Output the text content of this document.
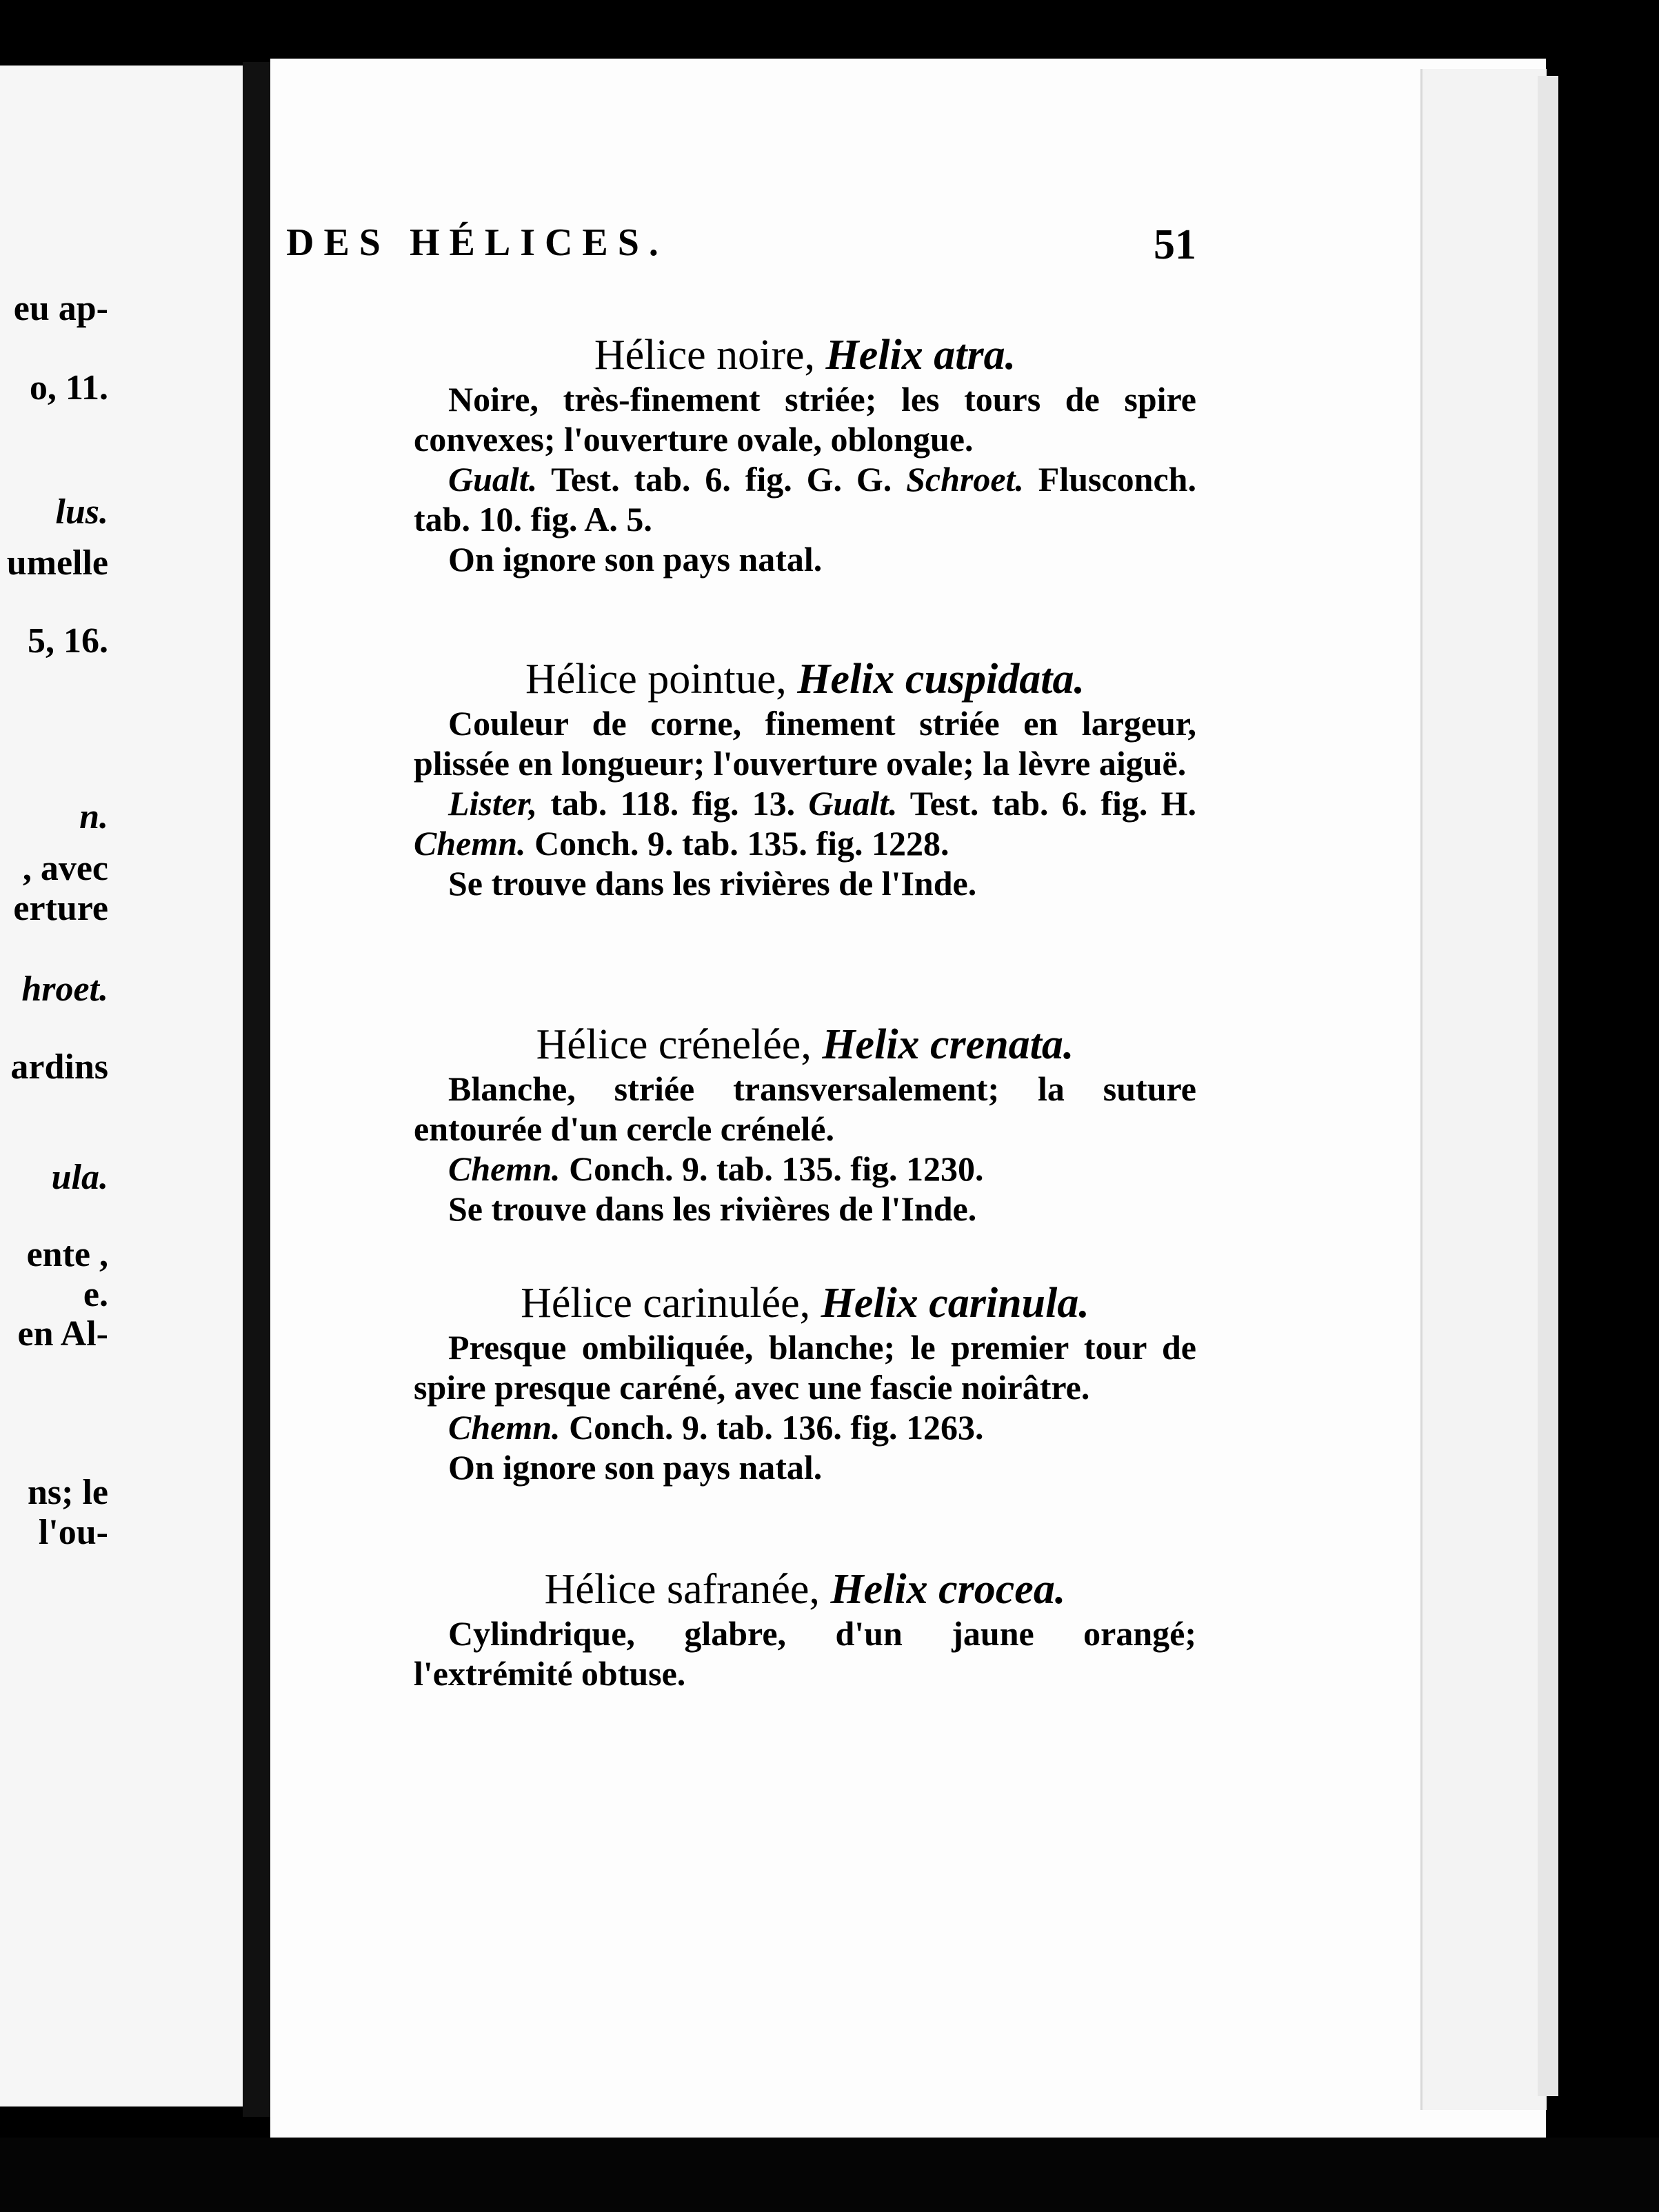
eu ap-
o, 11.
lus.
umelle
5, 16.
n.
, avec
erture
hroet.
ardins
ula.
ente ,
e.
en Al-
ns; le
l'ou-
DES HÉLICES.	51
Hélice noire, Helix atra.

Noire, très-finement striée; les tours de spire convexes; l'ouverture ovale, oblongue.

Gualt. Test. tab. 6. fig. G. G. Schroet. Flusconch. tab. 10. fig. A. 5.

On ignore son pays natal.

Hélice pointue, Helix cuspidata.

Couleur de corne, finement striée en largeur, plissée en longueur; l'ouverture ovale; la lèvre aiguë.

Lister, tab. 118. fig. 13. Gualt. Test. tab. 6. fig. H. Chemn. Conch. 9. tab. 135. fig. 1228.

Se trouve dans les rivières de l'Inde.

Hélice crénelée, Helix crenata.

Blanche, striée transversalement; la suture entourée d'un cercle crénelé.

Chemn. Conch. 9. tab. 135. fig. 1230.

Se trouve dans les rivières de l'Inde.

Hélice carinulée, Helix carinula.

Presque ombiliquée, blanche; le premier tour de spire presque caréné, avec une fascie noirâtre.

Chemn. Conch. 9. tab. 136. fig. 1263.

On ignore son pays natal.

Hélice safranée, Helix crocea.

Cylindrique, glabre, d'un jaune orangé; l'extrémité obtuse.
